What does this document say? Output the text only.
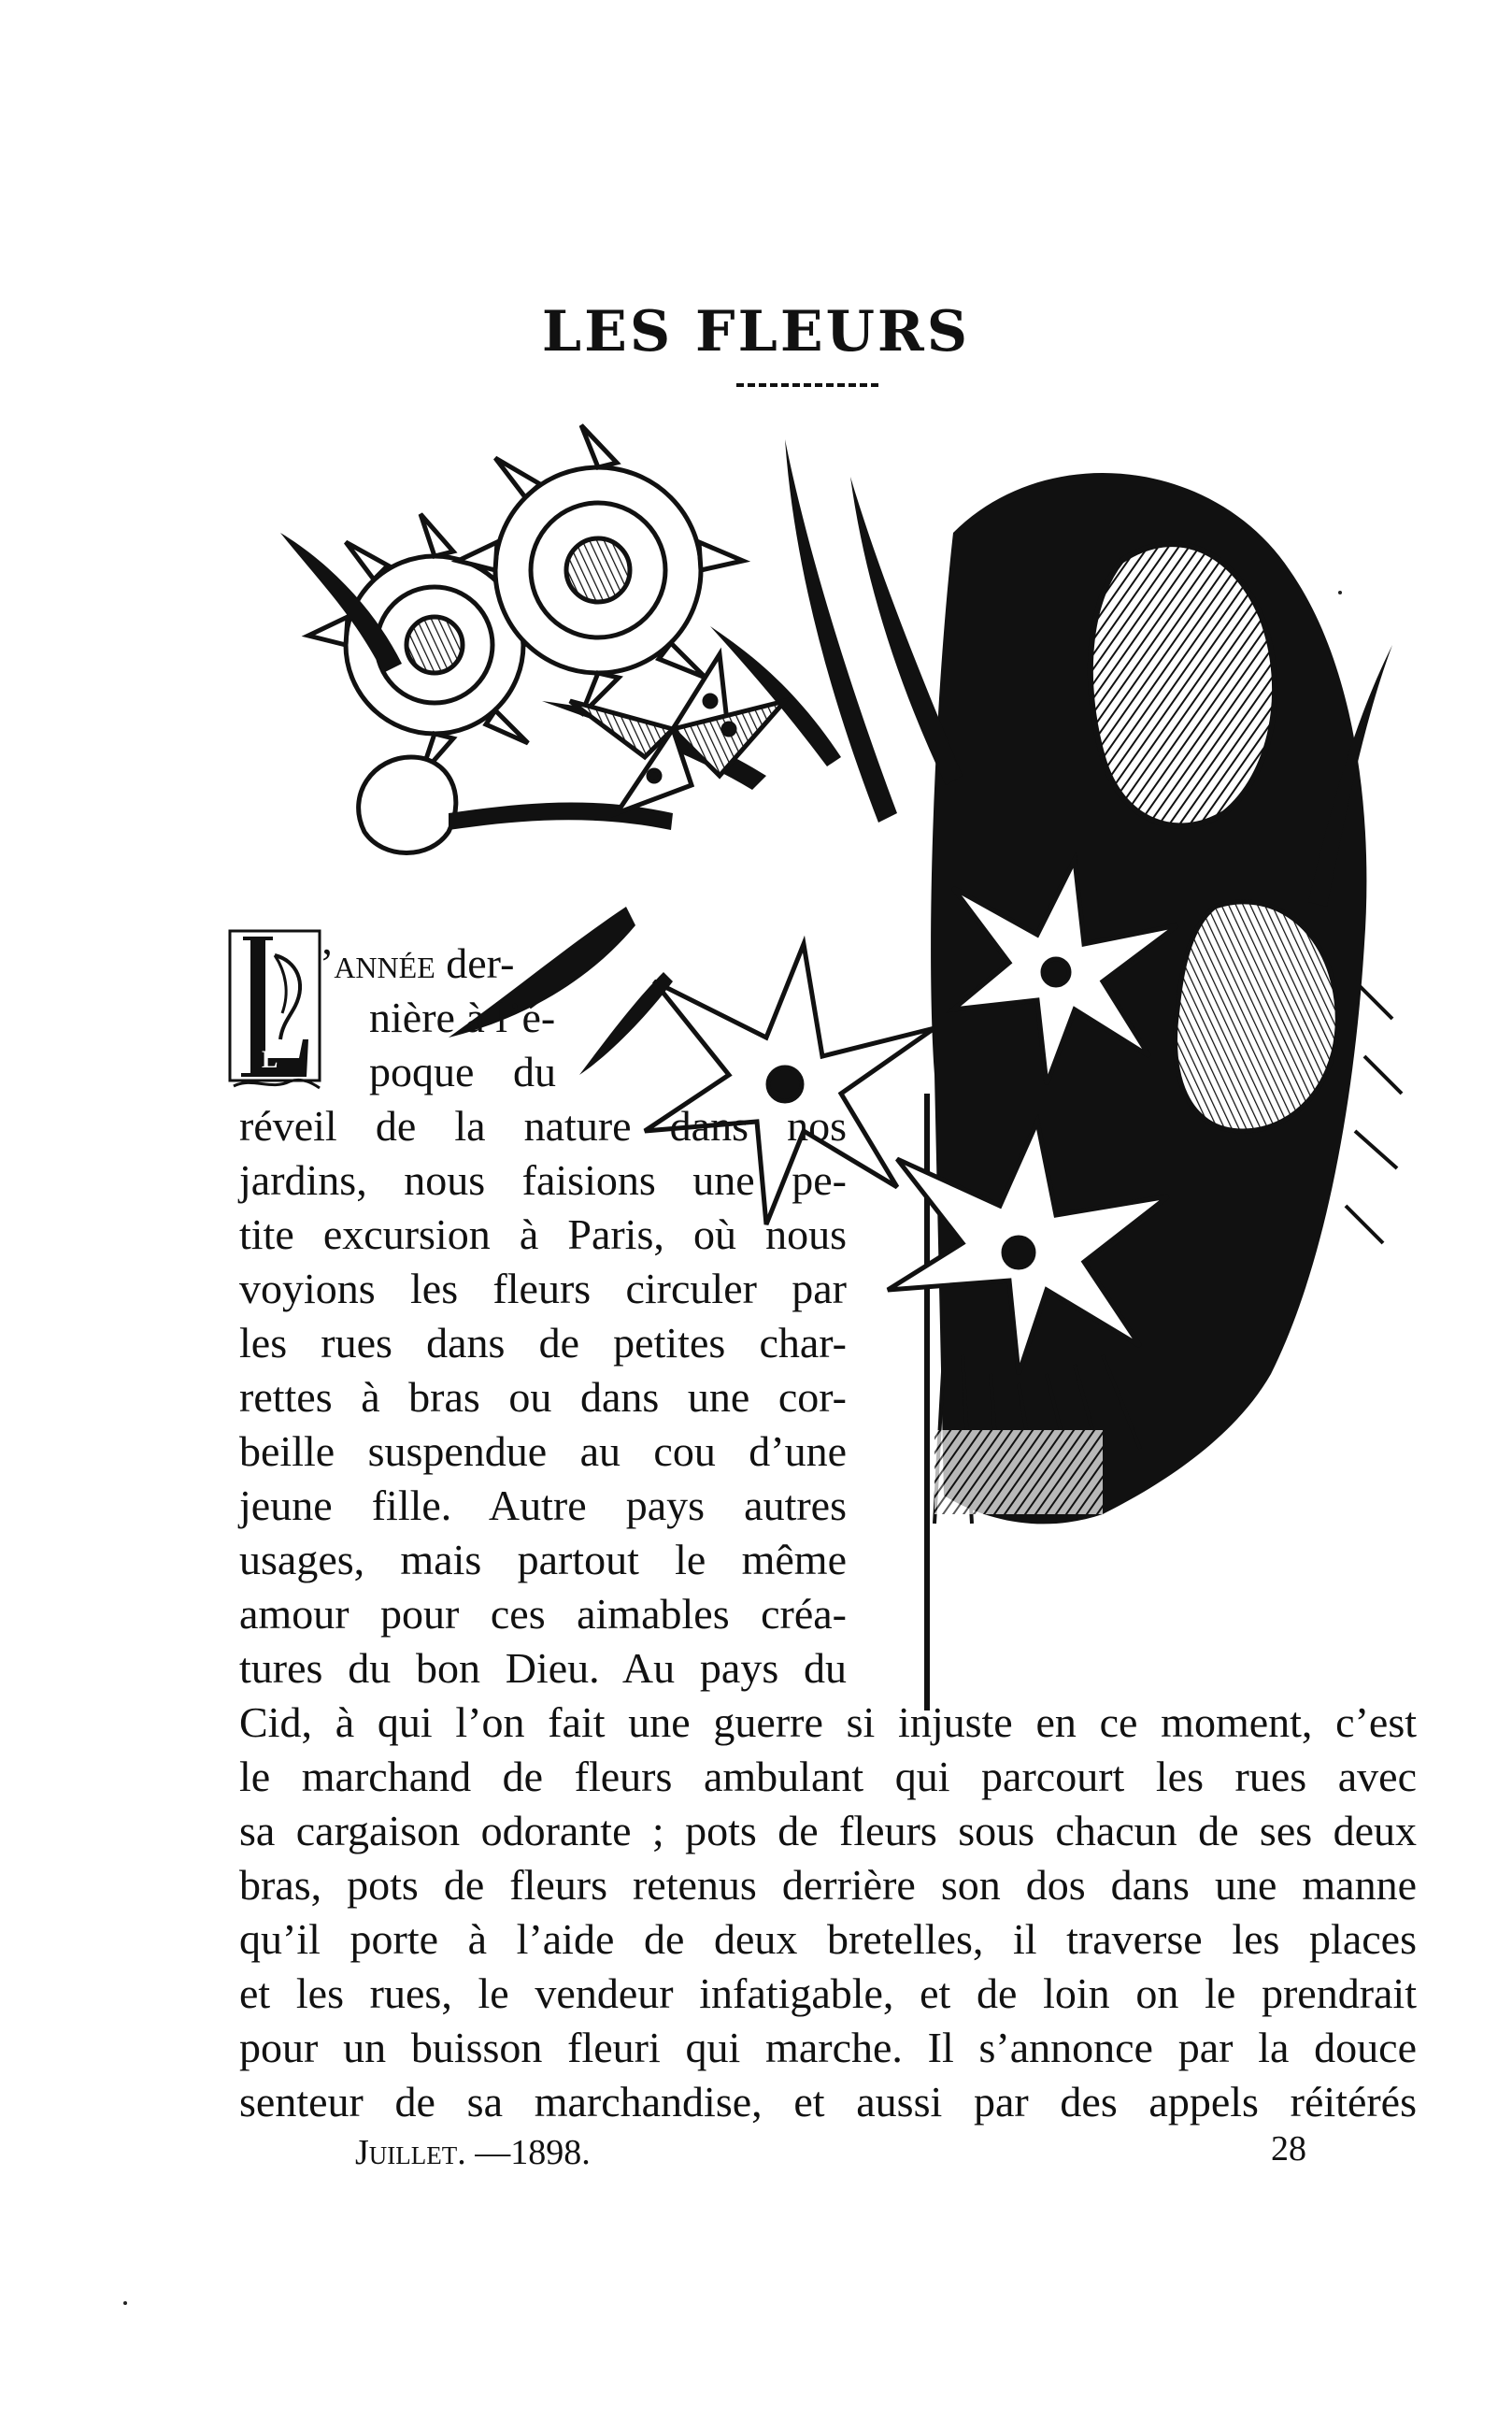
LES FLEURS
L
’année der-
nière à l’é-
poque du
réveil de la nature dans nos
jardins, nous faisions une pe-
tite excursion à Paris, où nous
voyions les fleurs circuler par
les rues dans de petites char-
rettes à bras ou dans une cor-
beille suspendue au cou d’une
jeune fille. Autre pays autres
usages, mais partout le même
amour pour ces aimables créa-
tures du bon Dieu. Au pays du
Cid, à qui l’on fait une guerre si injuste en ce moment, c’est
le marchand de fleurs ambulant qui parcourt les rues avec
sa cargaison odorante ; pots de fleurs sous chacun de ses deux
bras, pots de fleurs retenus derrière son dos dans une manne
qu’il porte à l’aide de deux bretelles, il traverse les places
et les rues, le vendeur infatigable, et de loin on le prendrait
pour un buisson fleuri qui marche. Il s’annonce par la douce
senteur de sa marchandise, et aussi par des appels réitérés
Juillet. —1898.	28
